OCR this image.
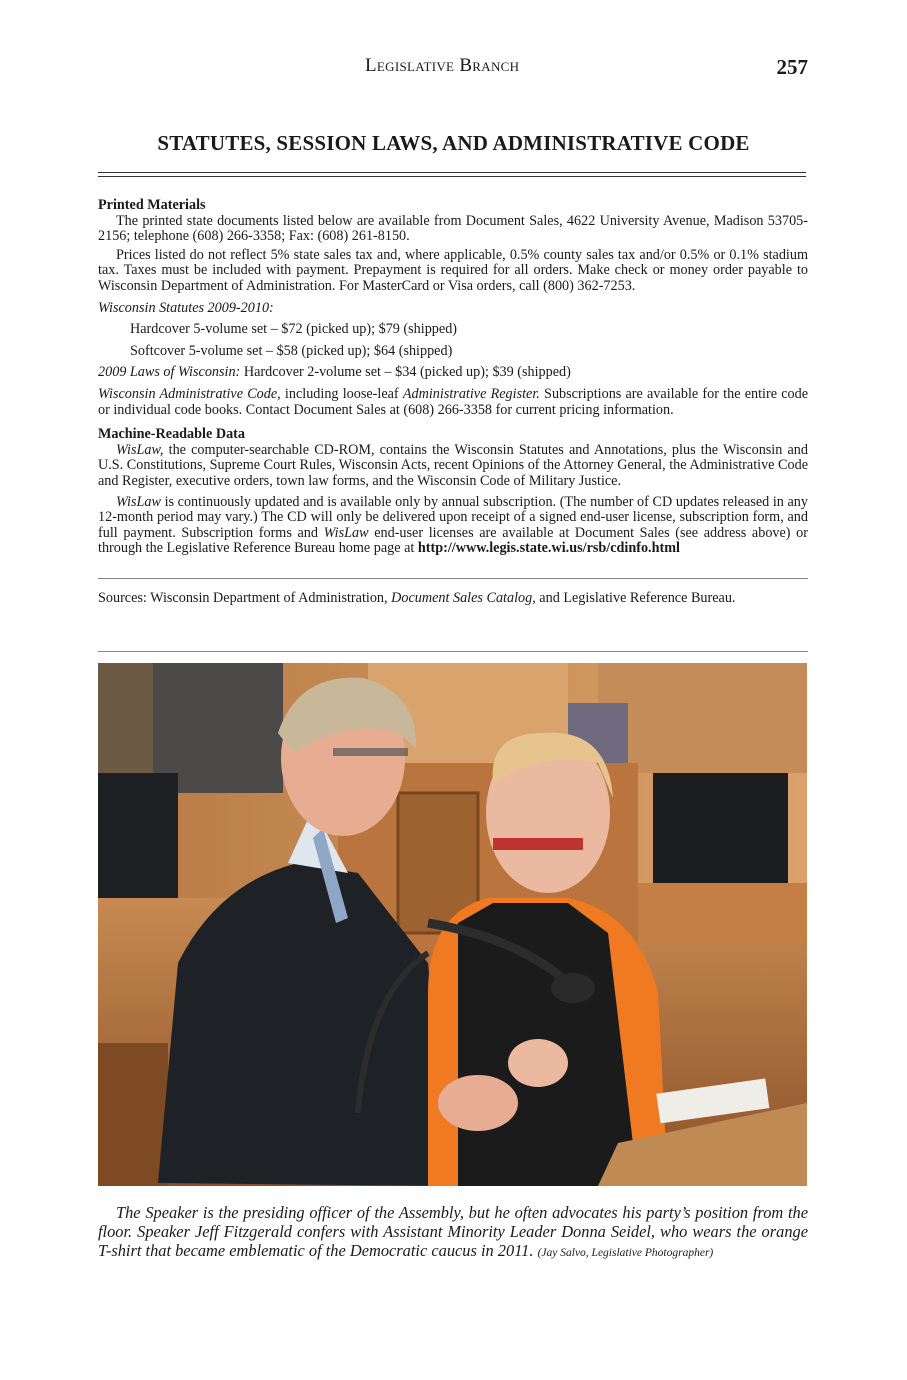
Legislative Branch	257
STATUTES, SESSION LAWS, AND ADMINISTRATIVE CODE

Printed Materials

The printed state documents listed below are available from Document Sales, 4622 University Avenue, Madison 53705-2156; telephone (608) 266-3358; Fax: (608) 261-8150.

Prices listed do not reflect 5% state sales tax and, where applicable, 0.5% county sales tax and/or 0.5% or 0.1% stadium tax. Taxes must be included with payment. Prepayment is required for all orders. Make check or money order payable to Wisconsin Department of Administration. For MasterCard or Visa orders, call (800) 362-7253.

Wisconsin Statutes 2009-2010:

Hardcover 5-volume set – $72 (picked up); $79 (shipped)

Softcover 5-volume set – $58 (picked up); $64 (shipped)

2009 Laws of Wisconsin: Hardcover 2-volume set – $34 (picked up); $39 (shipped)

Wisconsin Administrative Code, including loose-leaf Administrative Register. Subscriptions are available for the entire code or individual code books. Contact Document Sales at (608) 266-3358 for current pricing information.

Machine-Readable Data

WisLaw, the computer-searchable CD-ROM, contains the Wisconsin Statutes and Annotations, plus the Wisconsin and U.S. Constitutions, Supreme Court Rules, Wisconsin Acts, recent Opinions of the Attorney General, the Administrative Code and Register, executive orders, town law forms, and the Wisconsin Code of Military Justice.

WisLaw is continuously updated and is available only by annual subscription. (The number of CD updates released in any 12-month period may vary.) The CD will only be delivered upon receipt of a signed end-user license, subscription form, and full payment. Subscription forms and WisLaw end-user licenses are available at Document Sales (see address above) or through the Legislative Reference Bureau home page at http://www.legis.state.wi.us/rsb/cdinfo.html

Sources: Wisconsin Department of Administration, Document Sales Catalog, and Legislative Reference Bureau.
The Speaker is the presiding officer of the Assembly, but he often advocates his party’s position from the floor. Speaker Jeff Fitzgerald confers with Assistant Minority Leader Donna Seidel, who wears the orange T-shirt that became emblematic of the Democratic caucus in 2011. (Jay Salvo, Legislative Photographer)
